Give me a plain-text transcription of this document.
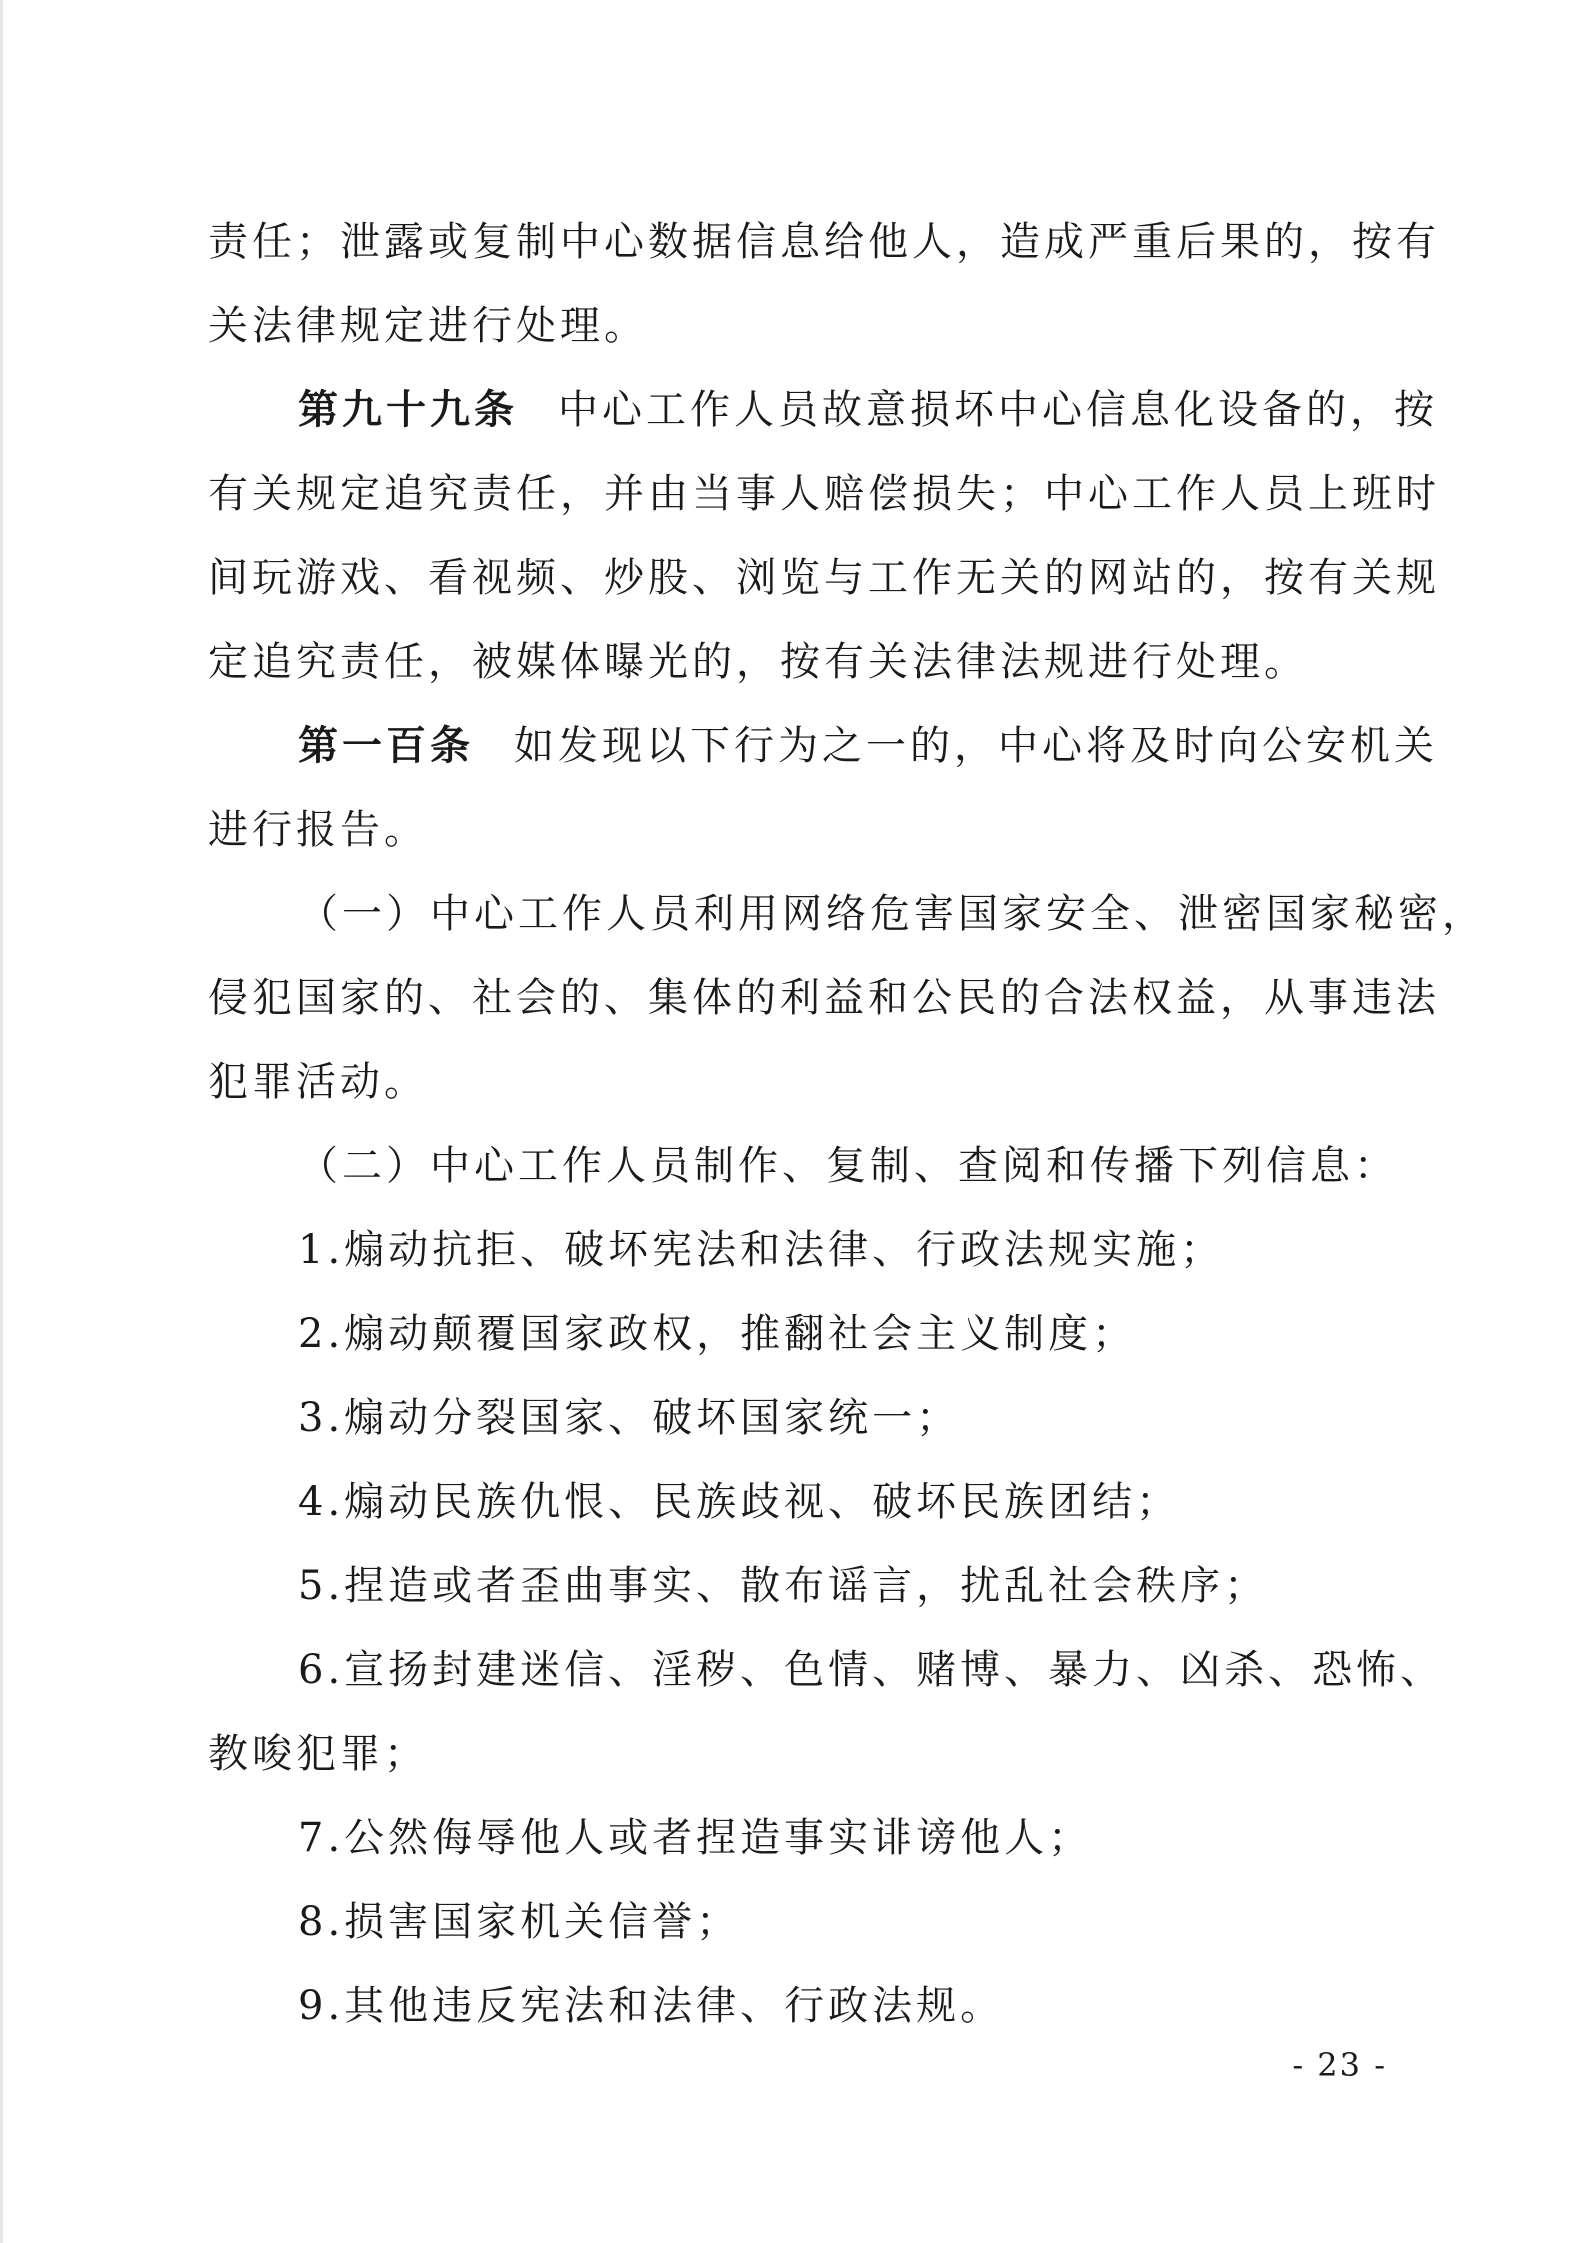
责任；泄露或复制中心数据信息给他人，造成严重后果的，按有
关法律规定进行处理。
第九十九条 中心工作人员故意损坏中心信息化设备的，按
有关规定追究责任，并由当事人赔偿损失；中心工作人员上班时
间玩游戏、看视频、炒股、浏览与工作无关的网站的，按有关规
定追究责任，被媒体曝光的，按有关法律法规进行处理。
第一百条 如发现以下行为之一的，中心将及时向公安机关
进行报告。
（一）中心工作人员利用网络危害国家安全、泄密国家秘密，
侵犯国家的、社会的、集体的利益和公民的合法权益，从事违法
犯罪活动。
（二）中心工作人员制作、复制、查阅和传播下列信息：
1.煽动抗拒、破坏宪法和法律、行政法规实施；
2.煽动颠覆国家政权，推翻社会主义制度；
3.煽动分裂国家、破坏国家统一；
4.煽动民族仇恨、民族歧视、破坏民族团结；
5.捏造或者歪曲事实、散布谣言，扰乱社会秩序；
6.宣扬封建迷信、淫秽、色情、赌博、暴力、凶杀、恐怖、
教唆犯罪；
7.公然侮辱他人或者捏造事实诽谤他人；
8.损害国家机关信誉；
9.其他违反宪法和法律、行政法规。
- 23 -
